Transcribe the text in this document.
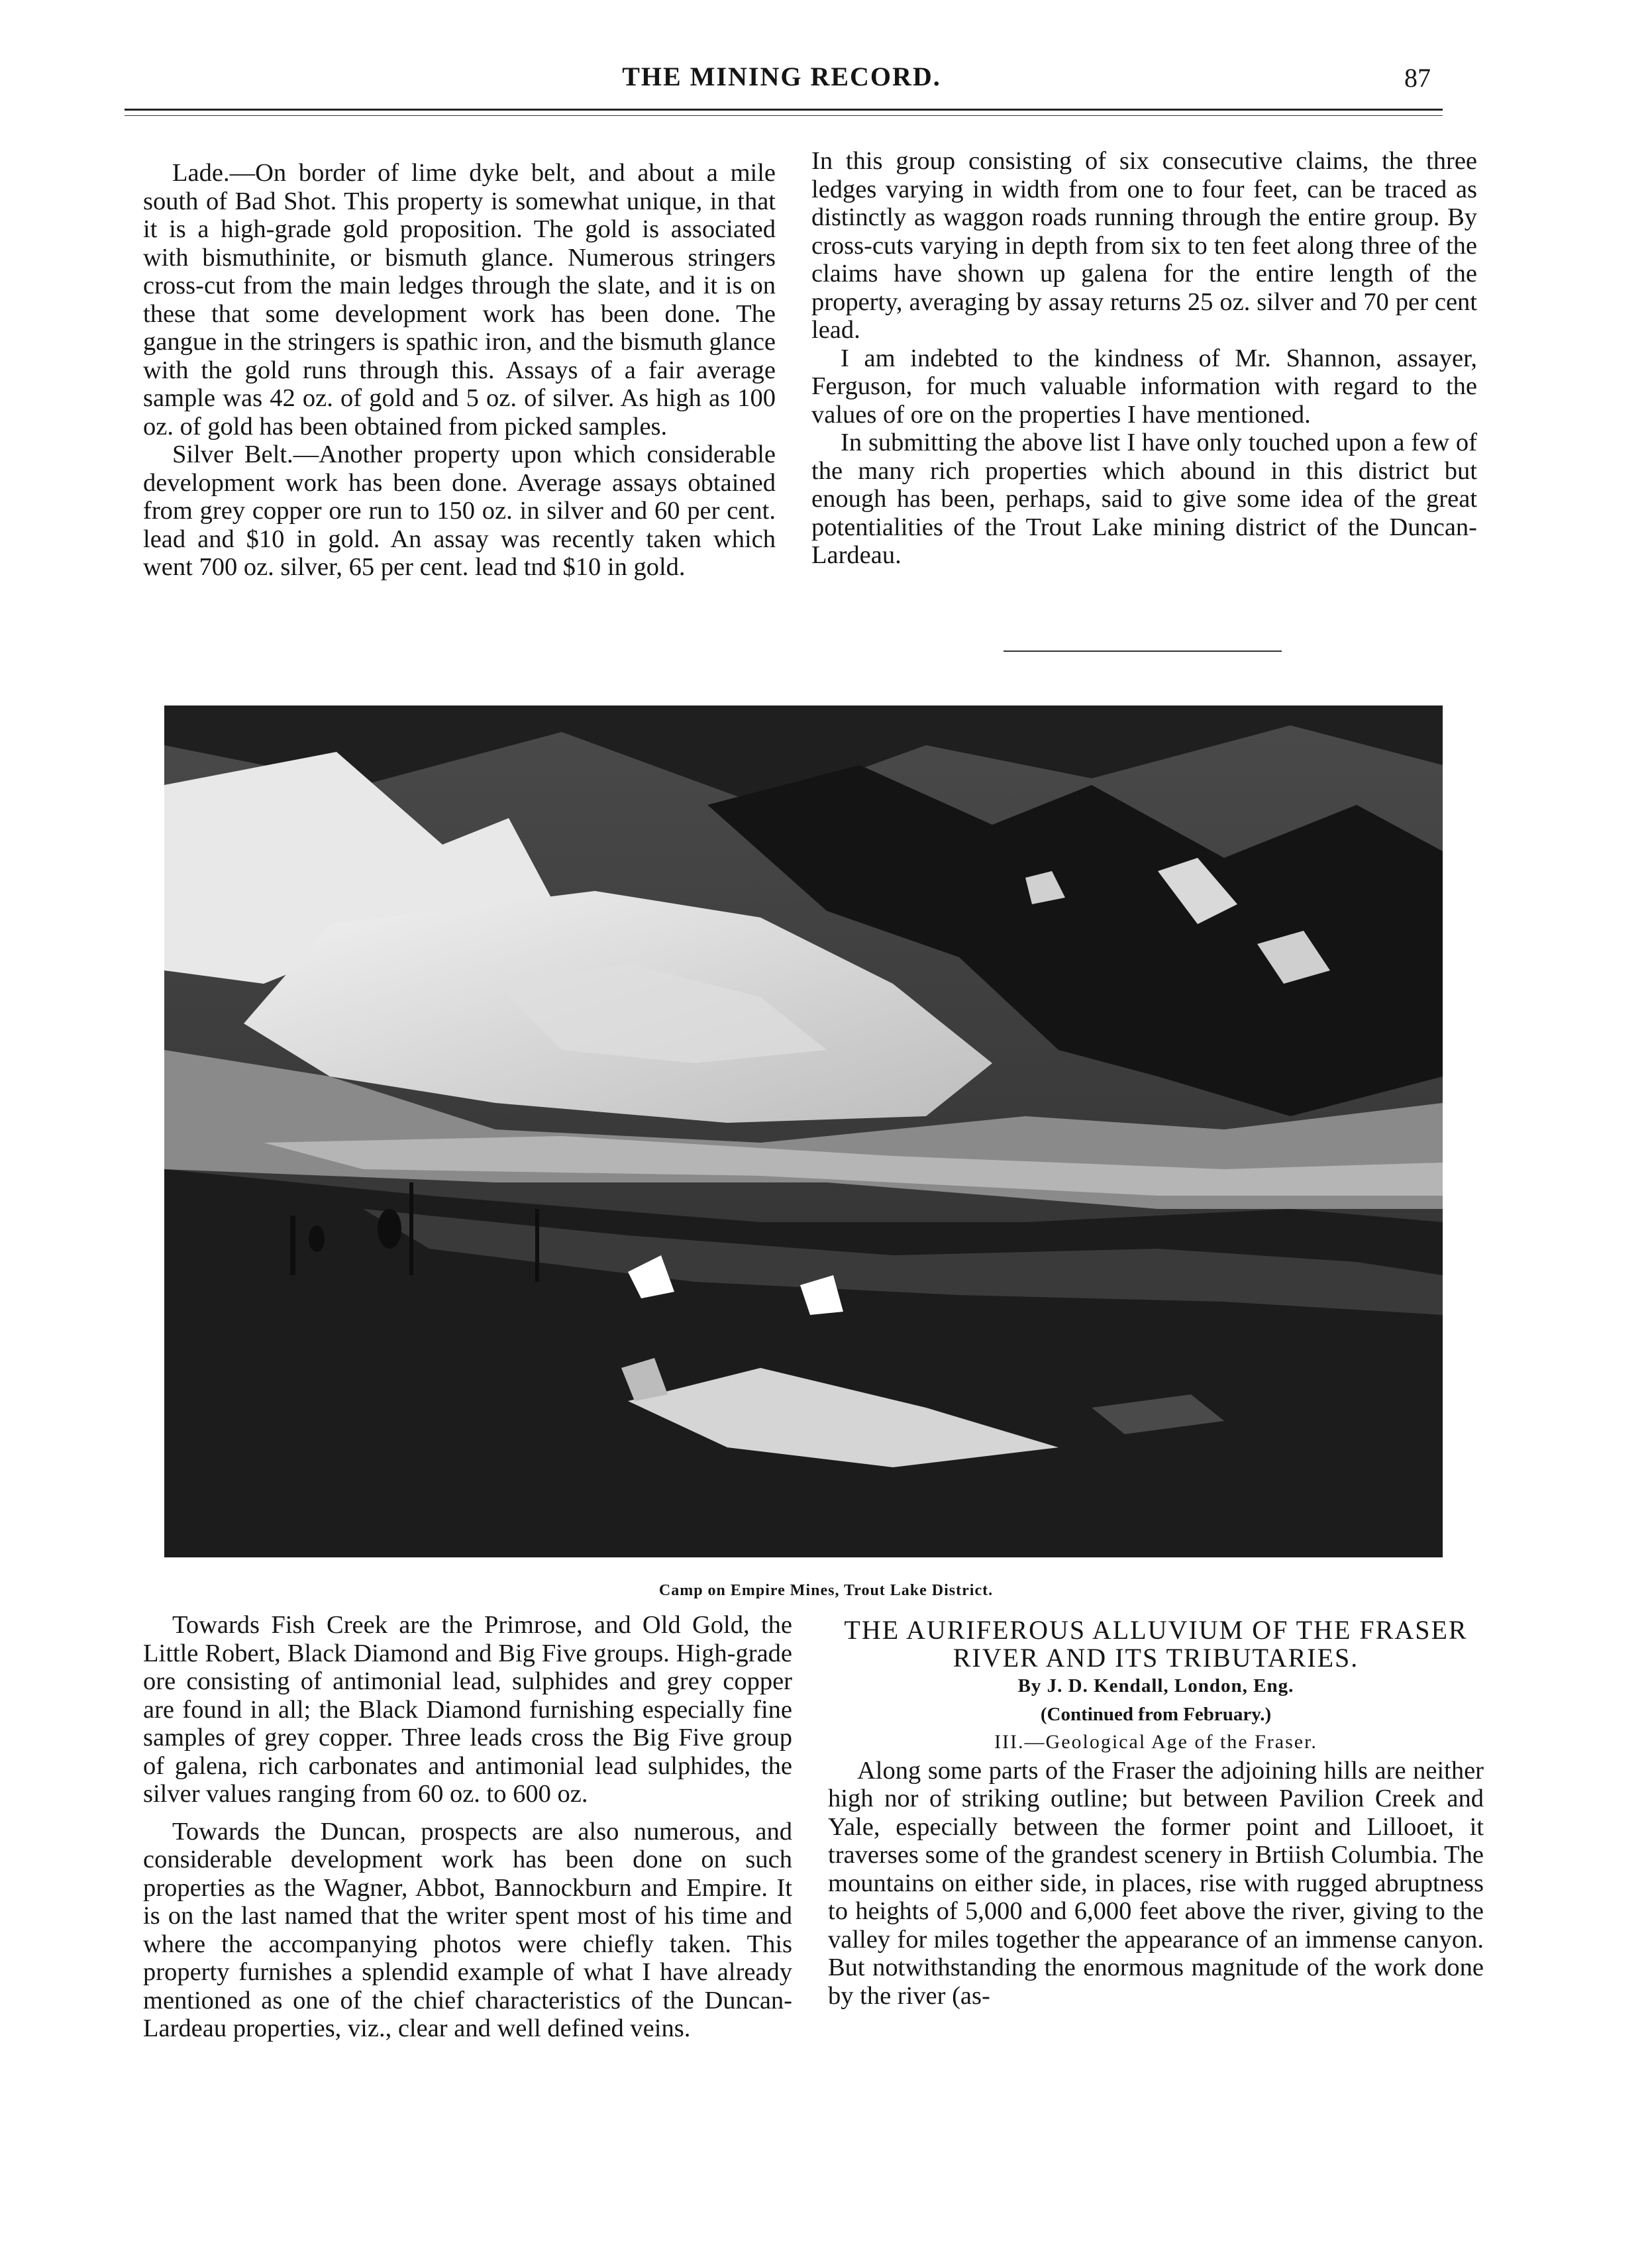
THE MINING RECORD.	87

Lade.—On border of lime dyke belt, and about a mile south of Bad Shot. This property is somewhat unique, in that it is a high-grade gold proposition. The gold is associated with bismuthinite, or bismuth glance. Numerous stringers cross-cut from the main ledges through the slate, and it is on these that some development work has been done. The gangue in the stringers is spathic iron, and the bismuth glance with the gold runs through this. Assays of a fair average sample was 42 oz. of gold and 5 oz. of silver. As high as 100 oz. of gold has been obtained from picked samples.

Silver Belt.—Another property upon which considerable development work has been done. Average assays obtained from grey copper ore run to 150 oz. in silver and 60 per cent. lead and $10 in gold. An assay was recently taken which went 700 oz. silver, 65 per cent. lead tnd $10 in gold.

In this group consisting of six consecutive claims, the three ledges varying in width from one to four feet, can be traced as distinctly as waggon roads running through the entire group. By cross-cuts varying in depth from six to ten feet along three of the claims have shown up galena for the entire length of the property, averaging by assay returns 25 oz. silver and 70 per cent lead.

I am indebted to the kindness of Mr. Shannon, assayer, Ferguson, for much valuable information with regard to the values of ore on the properties I have mentioned.

In submitting the above list I have only touched upon a few of the many rich properties which abound in this district but enough has been, perhaps, said to give some idea of the great potentialities of the Trout Lake mining district of the Duncan-Lardeau.

Camp on Empire Mines, Trout Lake District.

Towards Fish Creek are the Primrose, and Old Gold, the Little Robert, Black Diamond and Big Five groups. High-grade ore consisting of antimonial lead, sulphides and grey copper are found in all; the Black Diamond furnishing especially fine samples of grey copper. Three leads cross the Big Five group of galena, rich carbonates and antimonial lead sulphides, the silver values ranging from 60 oz. to 600 oz.

Towards the Duncan, prospects are also numerous, and considerable development work has been done on such properties as the Wagner, Abbot, Bannockburn and Empire. It is on the last named that the writer spent most of his time and where the accompanying photos were chiefly taken. This property furnishes a splendid example of what I have already mentioned as one of the chief characteristics of the Duncan-Lardeau properties, viz., clear and well defined veins.

THE AURIFEROUS ALLUVIUM OF THE FRASER RIVER AND ITS TRIBUTARIES.

By J. D. Kendall, London, Eng.

(Continued from February.)

III.—Geological Age of the Fraser.

Along some parts of the Fraser the adjoining hills are neither high nor of striking outline; but between Pavilion Creek and Yale, especially between the former point and Lillooet, it traverses some of the grandest scenery in Brtiish Columbia. The mountains on either side, in places, rise with rugged abruptness to heights of 5,000 and 6,000 feet above the river, giving to the valley for miles together the appearance of an immense canyon. But notwithstanding the enormous magnitude of the work done by the river (as-
